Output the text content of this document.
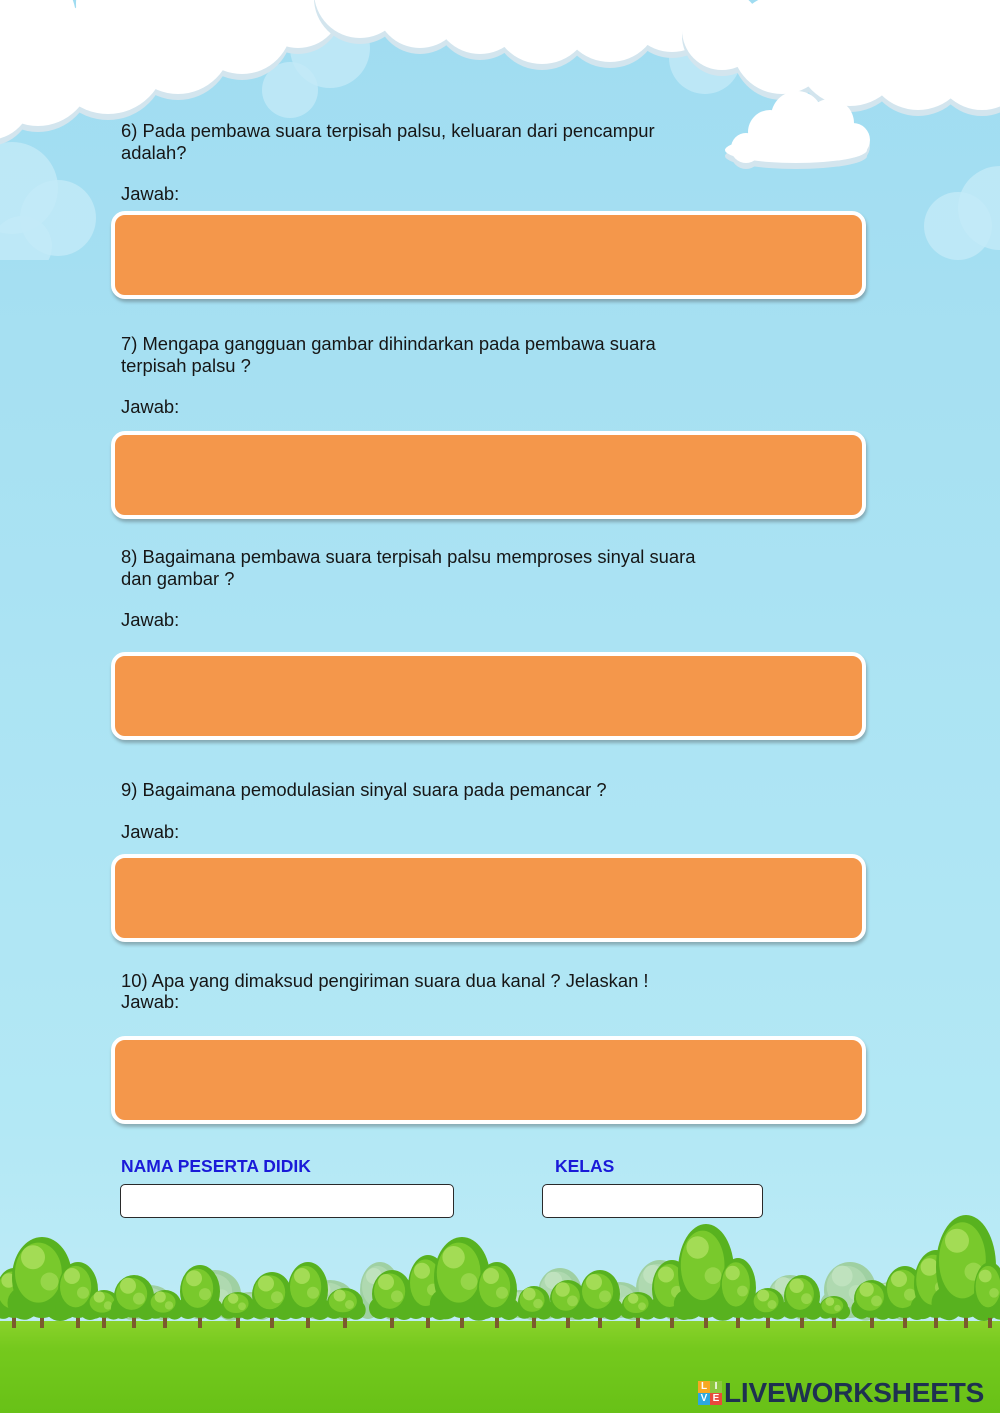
6) Pada pembawa suara terpisah palsu, keluaran dari pencampur
adalah?
Jawab:
7) Mengapa gangguan gambar dihindarkan pada pembawa suara
terpisah palsu ?
Jawab:
8) Bagaimana pembawa suara terpisah palsu memproses sinyal suara
dan gambar ?
Jawab:
9) Bagaimana pemodulasian sinyal suara pada pemancar ?
Jawab:
10) Apa yang dimaksud pengiriman suara dua kanal ? Jelaskan !
Jawab:
NAMA PESERTA DIDIK	KELAS
L I
V E LIVEWORKSHEETS
